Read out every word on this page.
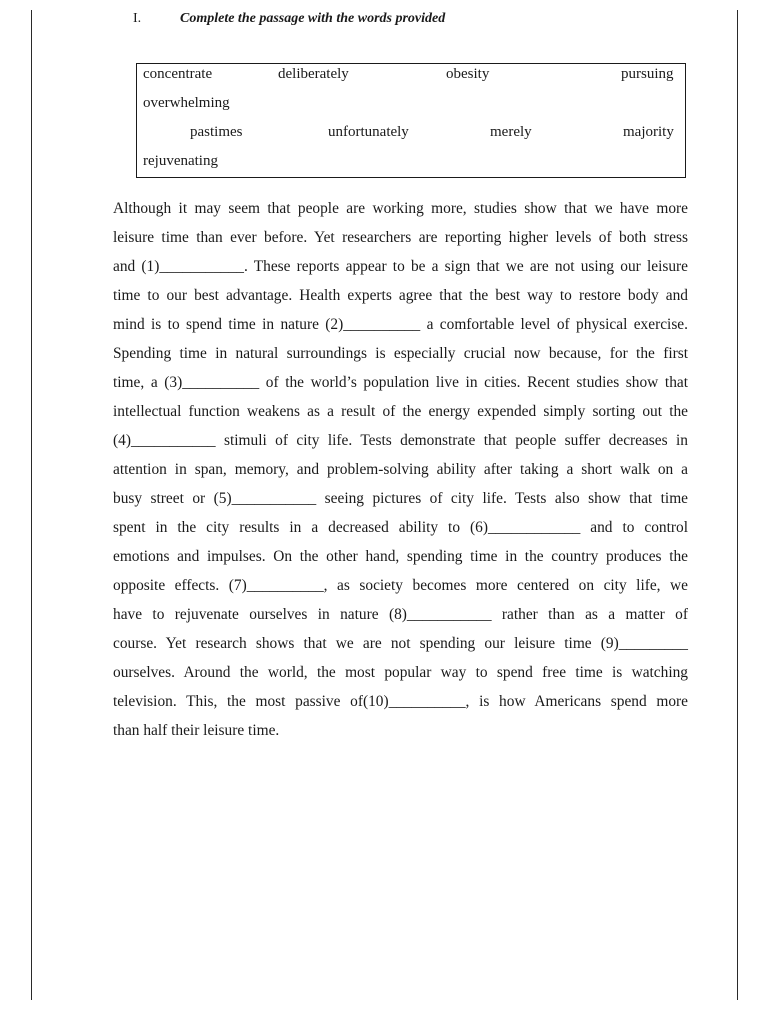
I.	Complete the passage with the words provided
concentrate	deliberately	obesity	pursuing
overwhelming
pastimes	unfortunately	merely	majority
rejuvenating
Although it may seem that people are working more, studies show that we have more
leisure time than ever before. Yet researchers are reporting higher levels of both stress
and (1)___________. These reports appear to be a sign that we are not using our leisure
time to our best advantage. Health experts agree that the best way to restore body and
mind is to spend time in nature (2)__________ a comfortable level of physical exercise.
Spending time in natural surroundings is especially crucial now because, for the first
time, a (3)__________ of the world’s population live in cities. Recent studies show that
intellectual function weakens as a result of the energy expended simply sorting out the
(4)___________ stimuli of city life. Tests demonstrate that people suffer decreases in
attention in span, memory, and problem-solving ability after taking a short walk on a
busy street or (5)___________ seeing pictures of city life. Tests also show that time
spent in the city results in a decreased ability to (6)____________ and to control
emotions and impulses. On the other hand, spending time in the country produces the
opposite effects. (7)__________, as society becomes more centered on city life, we
have to rejuvenate ourselves in nature (8)___________ rather than as a matter of
course. Yet research shows that we are not spending our leisure time (9)_________
ourselves. Around the world, the most popular way to spend free time is watching
television. This, the most passive of(10)__________, is how Americans spend more
than half their leisure time.
